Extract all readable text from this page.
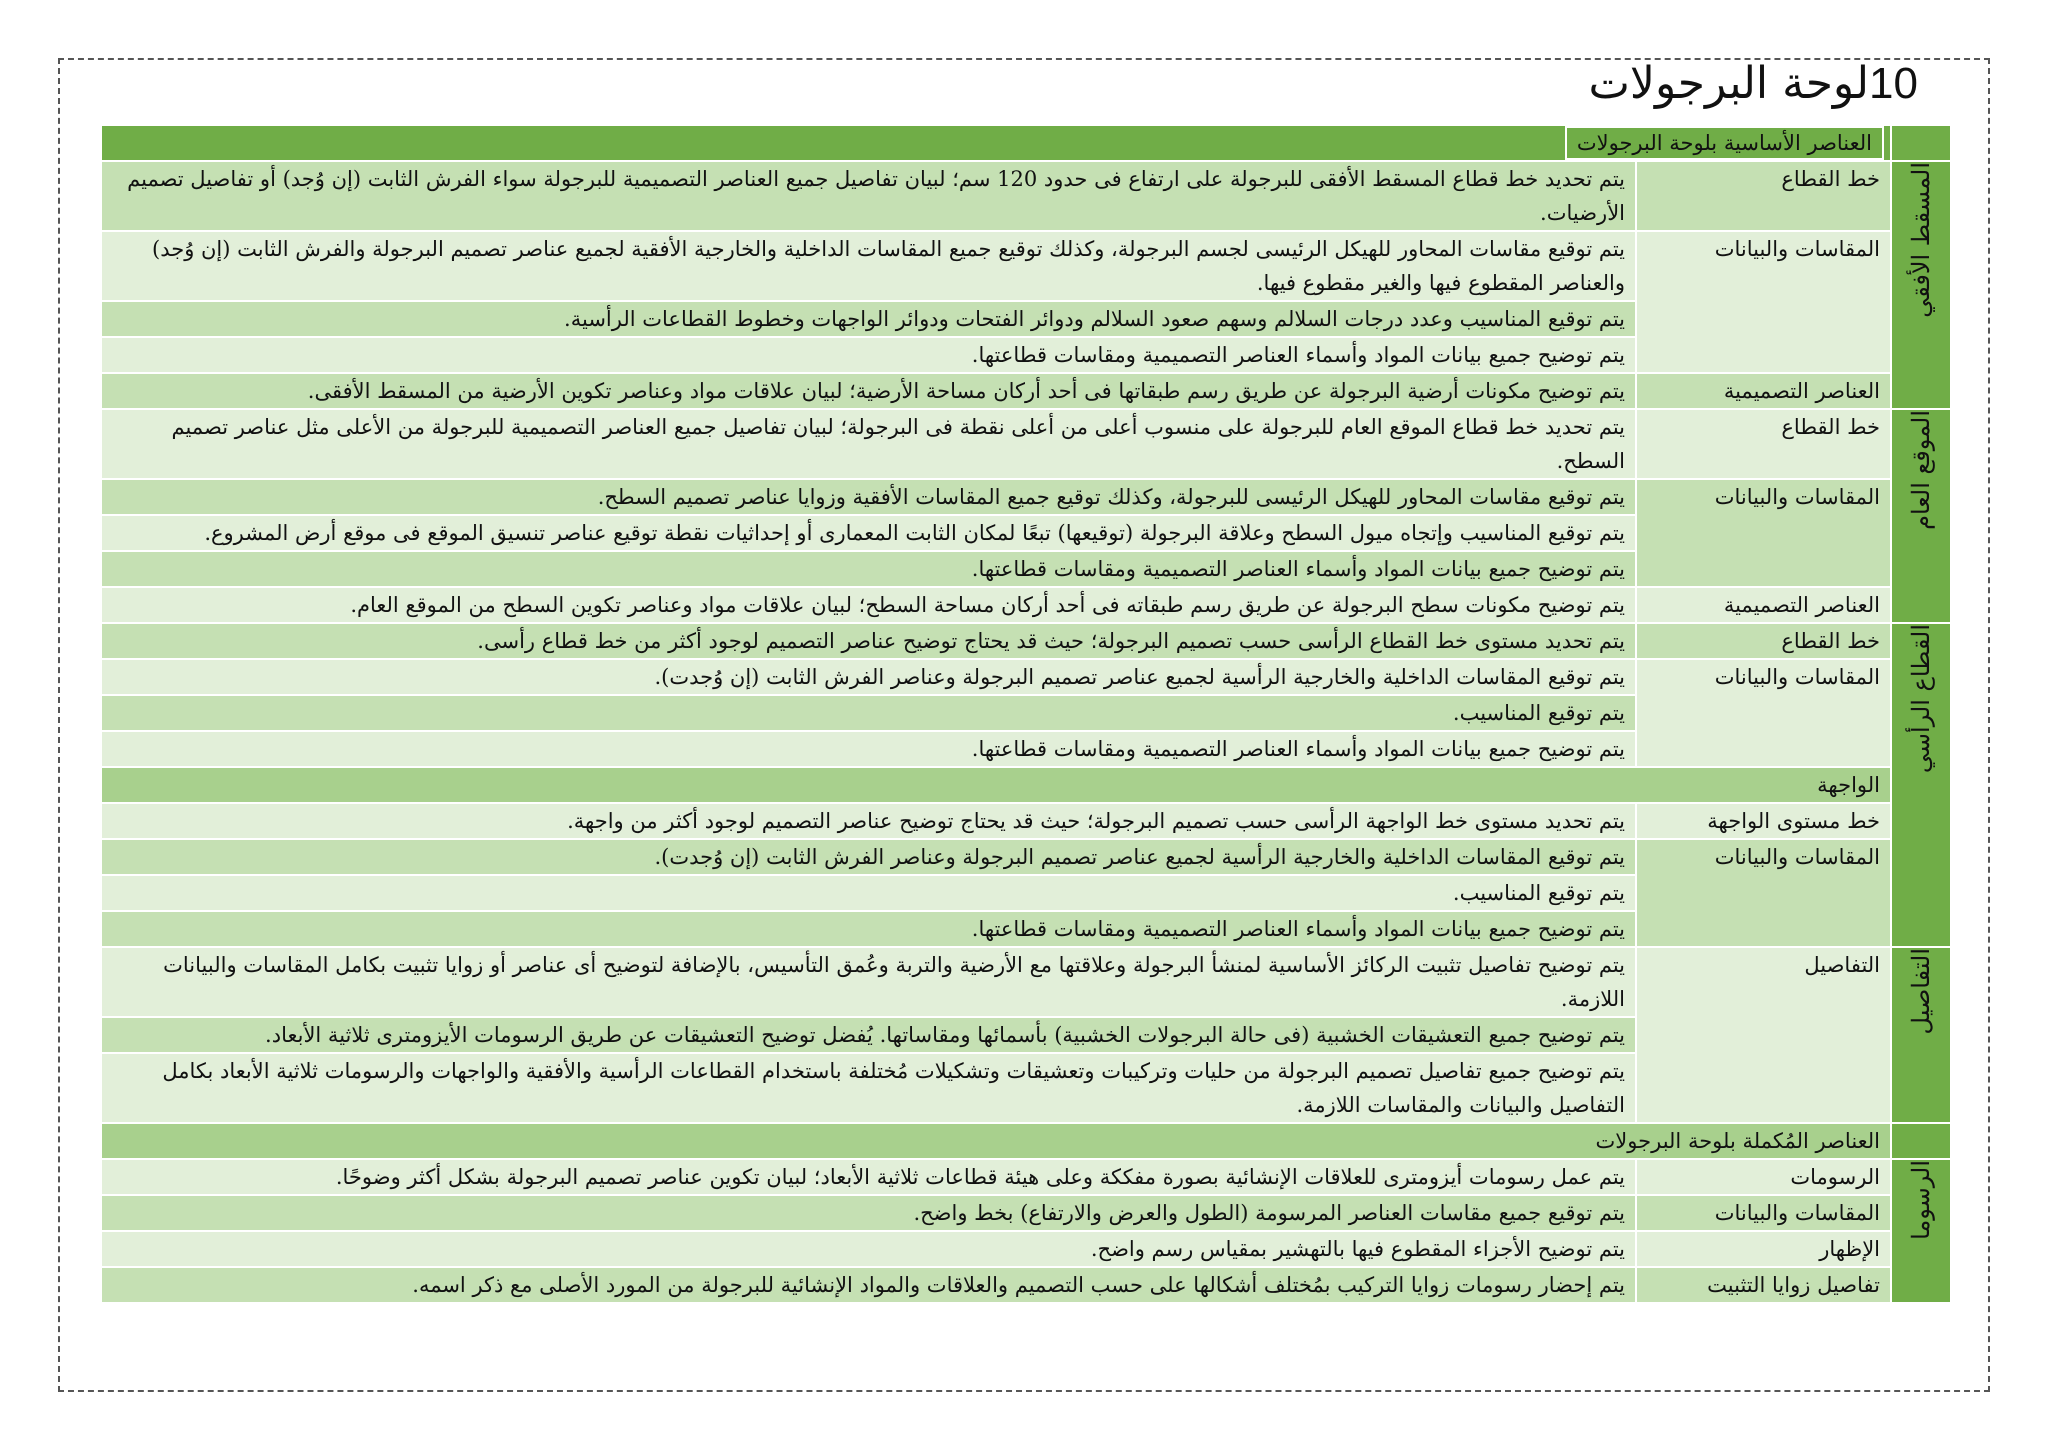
10لوحة البرجولات
	العناصر الأساسية بلوحة البرجولات	
المسقط الأفقي	خط القطاع	يتم تحديد خط قطاع المسقط الأفقى للبرجولة على ارتفاع فى حدود 120 سم؛ لبيان تفاصيل جميع العناصر التصميمية للبرجولة سواء الفرش الثابت (إن وُجد) أو تفاصيل تصميم الأرضيات.
	المقاسات والبيانات	يتم توقيع مقاسات المحاور للهيكل الرئيسى لجسم البرجولة، وكذلك توقيع جميع المقاسات الداخلية والخارجية الأفقية لجميع عناصر تصميم البرجولة والفرش الثابت (إن وُجد) والعناصر المقطوع فيها والغير مقطوع فيها.
		يتم توقيع المناسيب وعدد درجات السلالم وسهم صعود السلالم ودوائر الفتحات ودوائر الواجهات وخطوط القطاعات الرأسية.
		يتم توضيح جميع بيانات المواد وأسماء العناصر التصميمية ومقاسات قطاعتها.
	العناصر التصميمية	يتم توضيح مكونات أرضية البرجولة عن طريق رسم طبقاتها فى أحد أركان مساحة الأرضية؛ لبيان علاقات مواد وعناصر تكوين الأرضية من المسقط الأفقى.
الموقع العام	خط القطاع	يتم تحديد خط قطاع الموقع العام للبرجولة على منسوب أعلى من أعلى نقطة فى البرجولة؛ لبيان تفاصيل جميع العناصر التصميمية للبرجولة من الأعلى مثل عناصر تصميم السطح.
	المقاسات والبيانات	يتم توقيع مقاسات المحاور للهيكل الرئيسى للبرجولة، وكذلك توقيع جميع المقاسات الأفقية وزوايا عناصر تصميم السطح.
		يتم توقيع المناسيب وإتجاه ميول السطح وعلاقة البرجولة (توقيعها) تبعًا لمكان الثابت المعمارى أو إحداثيات نقطة توقيع عناصر تنسيق الموقع فى موقع أرض المشروع.
		يتم توضيح جميع بيانات المواد وأسماء العناصر التصميمية ومقاسات قطاعتها.
	العناصر التصميمية	يتم توضيح مكونات سطح البرجولة عن طريق رسم طبقاته فى أحد أركان مساحة السطح؛ لبيان علاقات مواد وعناصر تكوين السطح من الموقع العام.
القطاع الرأسي	خط القطاع	يتم تحديد مستوى خط القطاع الرأسى حسب تصميم البرجولة؛ حيث قد يحتاج توضيح عناصر التصميم لوجود أكثر من خط قطاع رأسى.
	المقاسات والبيانات	يتم توقيع المقاسات الداخلية والخارجية الرأسية لجميع عناصر تصميم البرجولة وعناصر الفرش الثابت (إن وُجدت).
		يتم توقيع المناسيب.
		يتم توضيح جميع بيانات المواد وأسماء العناصر التصميمية ومقاسات قطاعتها.
	الواجهة	
	خط مستوى الواجهة	يتم تحديد مستوى خط الواجهة الرأسى حسب تصميم البرجولة؛ حيث قد يحتاج توضيح عناصر التصميم لوجود أكثر من واجهة.
	المقاسات والبيانات	يتم توقيع المقاسات الداخلية والخارجية الرأسية لجميع عناصر تصميم البرجولة وعناصر الفرش الثابت (إن وُجدت).
		يتم توقيع المناسيب.
		يتم توضيح جميع بيانات المواد وأسماء العناصر التصميمية ومقاسات قطاعتها.
التفاصيل	التفاصيل	يتم توضيح تفاصيل تثبيت الركائز الأساسية لمنشأ البرجولة وعلاقتها مع الأرضية والتربة وعُمق التأسيس، بالإضافة لتوضيح أى عناصر أو زوايا تثبيت بكامل المقاسات والبيانات اللازمة.
		يتم توضيح جميع التعشيقات الخشبية (فى حالة البرجولات الخشبية) بأسمائها ومقاساتها. يُفضل توضيح التعشيقات عن طريق الرسومات الأيزومترى ثلاثية الأبعاد.
		يتم توضيح جميع تفاصيل تصميم البرجولة من حليات وتركيبات وتعشيقات وتشكيلات مُختلفة باستخدام القطاعات الرأسية والأفقية والواجهات والرسومات ثلاثية الأبعاد بكامل التفاصيل والبيانات والمقاسات اللازمة.
	العناصر المُكملة بلوحة البرجولات	
الرسوما	الرسومات	يتم عمل رسومات أيزومترى للعلاقات الإنشائية بصورة مفككة وعلى هيئة قطاعات ثلاثية الأبعاد؛ لبيان تكوين عناصر تصميم البرجولة بشكل أكثر وضوحًا.
	المقاسات والبيانات	يتم توقيع جميع مقاسات العناصر المرسومة (الطول والعرض والارتفاع) بخط واضح.
	الإظهار	يتم توضيح الأجزاء المقطوع فيها بالتهشير بمقياس رسم واضح.
	تفاصيل زوايا التثبيت	يتم إحضار رسومات زوايا التركيب بمُختلف أشكالها على حسب التصميم والعلاقات والمواد الإنشائية للبرجولة من المورد الأصلى مع ذكر اسمه.
